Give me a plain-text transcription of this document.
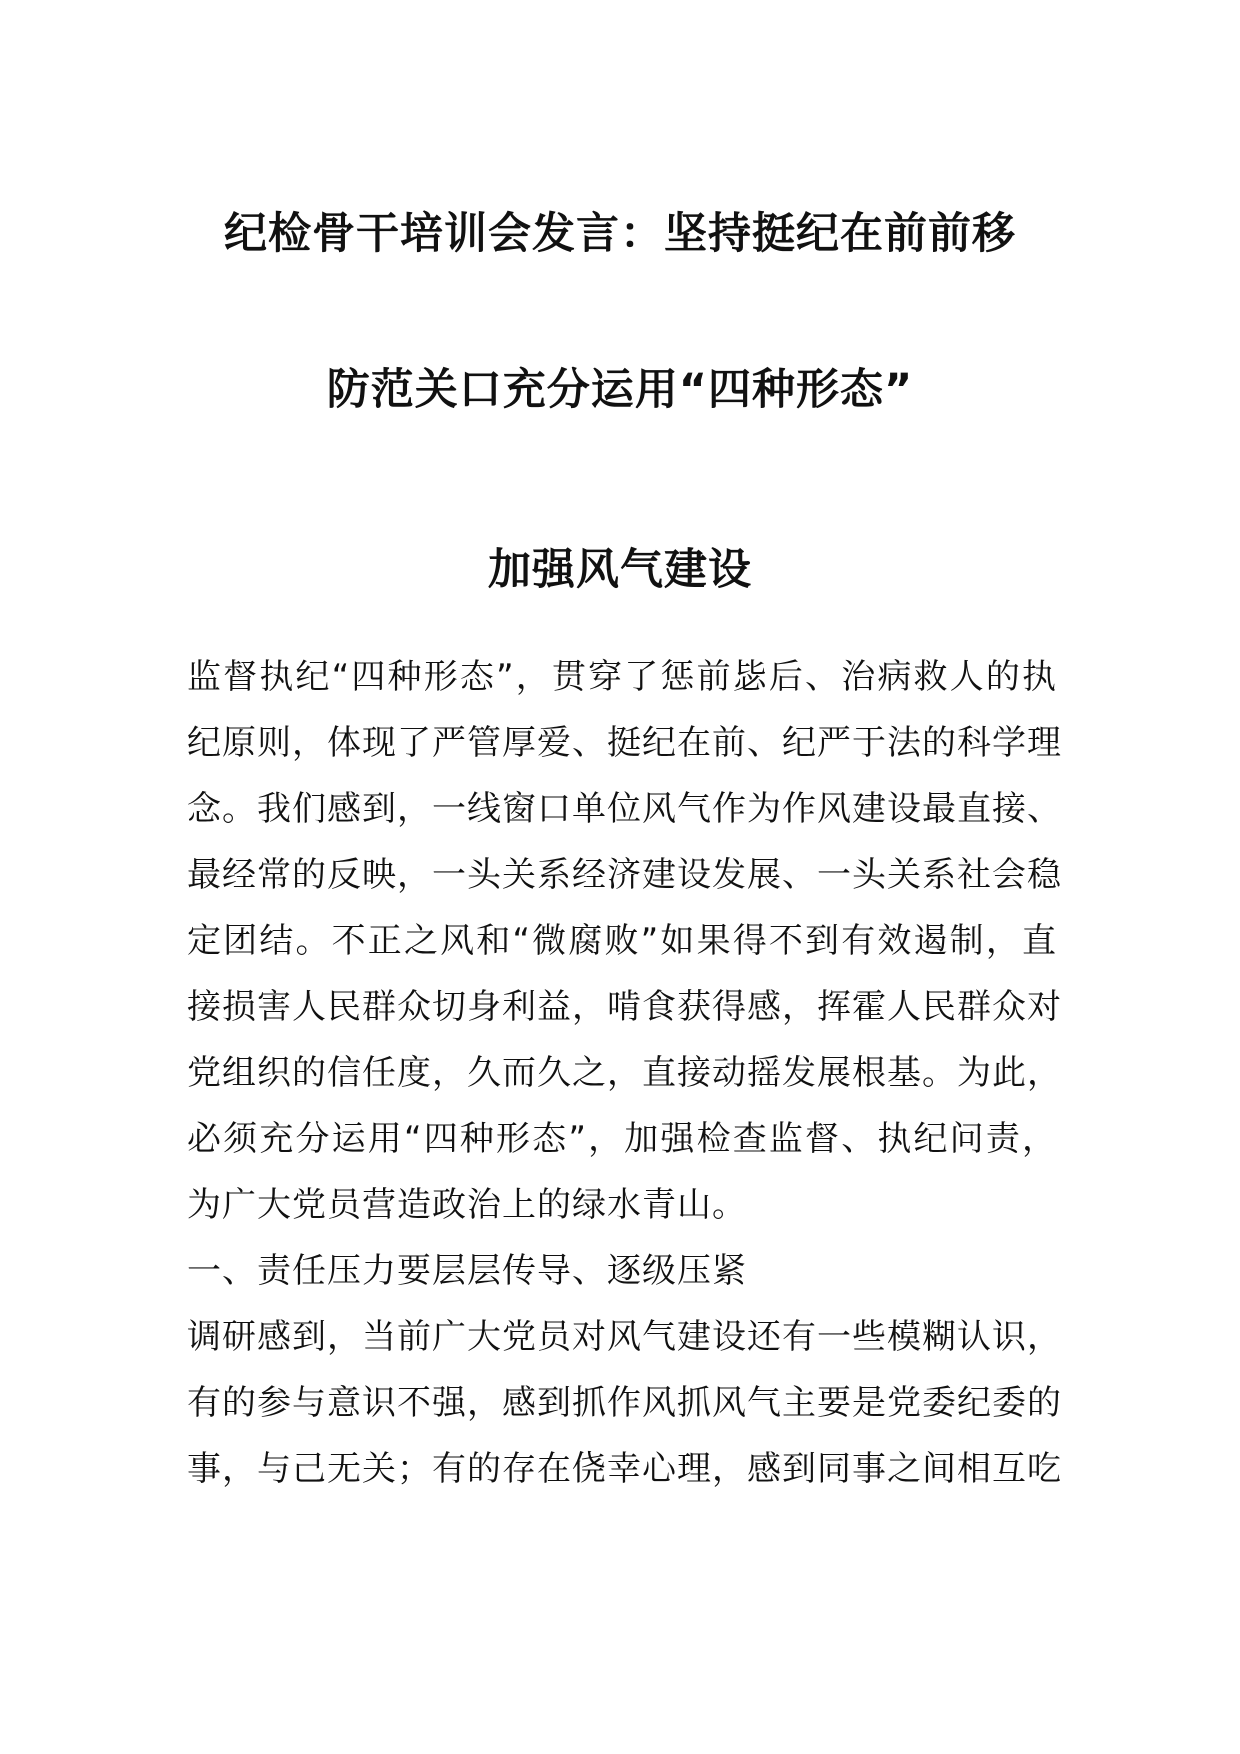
纪检骨干培训会发言：坚持挺纪在前前移
防范关口充分运用“四种形态”
加强风气建设
监督执纪“四种形态”，贯穿了惩前毖后、治病救人的执
纪原则，体现了严管厚爱、挺纪在前、纪严于法的科学理
念。我们感到，一线窗口单位风气作为作风建设最直接、
最经常的反映，一头关系经济建设发展、一头关系社会稳
定团结。不正之风和“微腐败”如果得不到有效遏制，直
接损害人民群众切身利益，啃食获得感，挥霍人民群众对
党组织的信任度，久而久之，直接动摇发展根基。为此，
必须充分运用“四种形态”，加强检查监督、执纪问责，
为广大党员营造政治上的绿水青山。
一、责任压力要层层传导、逐级压紧
调研感到，当前广大党员对风气建设还有一些模糊认识，
有的参与意识不强，感到抓作风抓风气主要是党委纪委的
事，与己无关；有的存在侥幸心理，感到同事之间相互吃
